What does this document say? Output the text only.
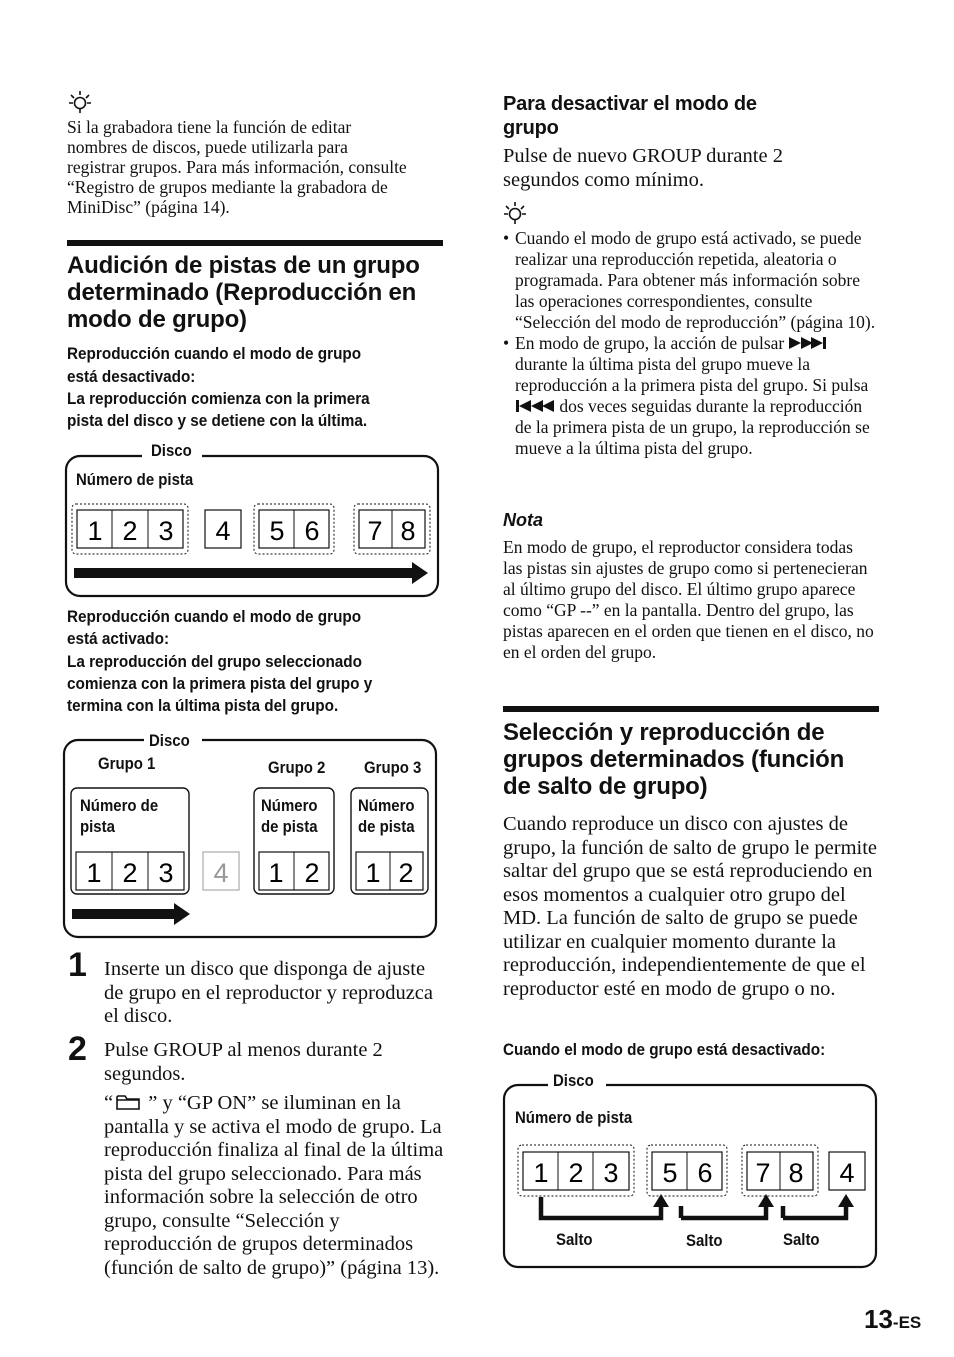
Si la grabadora tiene la función de editar nombres de discos, puede utilizarla para registrar grupos. Para más información, consulte “Registro de grupos mediante la grabadora de MiniDisc” (página 14).
Audición de pistas de un grupo determinado (Reproducción en modo de grupo)
Reproducción cuando el modo de grupo
está desactivado:
La reproducción comienza con la primera
pista del disco y se detiene con la última.
1 2 3 4 5 6 7 8
Disco
Número de pista
Reproducción cuando el modo de grupo
está activado:
La reproducción del grupo seleccionado
comienza con la primera pista del grupo y
termina con la última pista del grupo.
1 2 3 4 1 2 1 2
Disco
Grupo 1	Grupo 2 Grupo 3
Número de
pista
Número
de pista
Número
de pista
1 Inserte un disco que disponga de ajuste de grupo en el reproductor y reproduzca el disco.
2 Pulse GROUP al menos durante 2 segundos.
“ ” y “GP ON” se iluminan en la pantalla y se activa el modo de grupo. La reproducción finaliza al final de la última pista del grupo seleccionado. Para más información sobre la selección de otro grupo, consulte “Selección y reproducción de grupos determinados (función de salto de grupo)” (página 13).
Para desactivar el modo de
grupo
Pulse de nuevo GROUP durante 2 segundos como mínimo.
• Cuando el modo de grupo está activado, se puede realizar una reproducción repetida, aleatoria o programada. Para obtener más información sobre las operaciones correspondientes, consulte “Selección del modo de reproducción” (página 10).
• En modo de grupo, la acción de pulsar  durante la última pista del grupo mueve la reproducción a la primera pista del grupo. Si pulsa  dos veces seguidas durante la reproducción de la primera pista de un grupo, la reproducción se mueve a la última pista del grupo.
Nota
En modo de grupo, el reproductor considera todas las pistas sin ajustes de grupo como si pertenecieran al último grupo del disco. El último grupo aparece como “GP --” en la pantalla. Dentro del grupo, las pistas aparecen en el orden que tienen en el disco, no en el orden del grupo.
Selección y reproducción de grupos determinados (función de salto de grupo)
Cuando reproduce un disco con ajustes de grupo, la función de salto de grupo le permite saltar del grupo que se está reproduciendo en esos momentos a cualquier otro grupo del MD. La función de salto de grupo se puede utilizar en cualquier momento durante la reproducción, independientemente de que el reproductor esté en modo de grupo o no.
Cuando el modo de grupo está desactivado:
1 2 3 5 6 7 8 4
Disco
Número de pista
Salto	Salto	Salto
13-ES
